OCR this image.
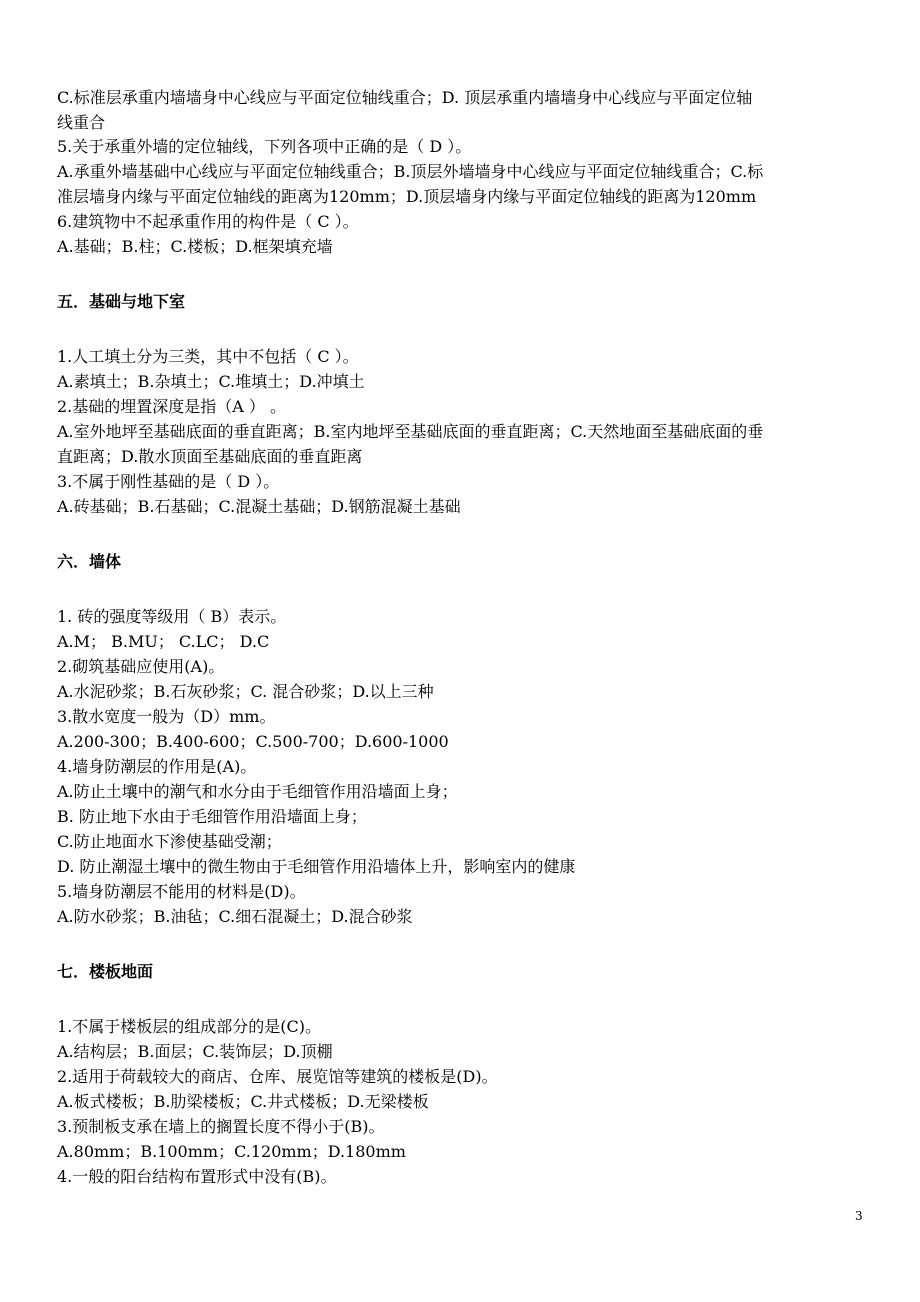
C.标准层承重内墙墙身中心线应与平面定位轴线重合；D. 顶层承重内墙墙身中心线应与平面定位轴
线重合
5.关于承重外墙的定位轴线，下列各项中正确的是（ D ）。
A.承重外墙基础中心线应与平面定位轴线重合；B.顶层外墙墙身中心线应与平面定位轴线重合；C.标
准层墙身内缘与平面定位轴线的距离为120mm；D.顶层墙身内缘与平面定位轴线的距离为120mm
6.建筑物中不起承重作用的构件是（ C ）。
A.基础；B.柱；C.楼板；D.框架填充墙
五．基础与地下室
1.人工填土分为三类，其中不包括（ C ）。
A.素填土；B.杂填土；C.堆填土；D.冲填土
2.基础的埋置深度是指（A ） 。
A.室外地坪至基础底面的垂直距离；B.室内地坪至基础底面的垂直距离；C.天然地面至基础底面的垂
直距离；D.散水顶面至基础底面的垂直距离
3.不属于刚性基础的是（ D ）。
A.砖基础；B.石基础；C.混凝土基础；D.钢筋混凝土基础
六．墙体
1. 砖的强度等级用（ B）表示。
A.M； B.MU； C.LC； D.C
2.砌筑基础应使用(A)。
A.水泥砂浆；B.石灰砂浆；C. 混合砂浆；D.以上三种
3.散水宽度一般为（D）mm。
A.200-300；B.400-600；C.500-700；D.600-1000
4.墙身防潮层的作用是(A)。
A.防止土壤中的潮气和水分由于毛细管作用沿墙面上身；
B. 防止地下水由于毛细管作用沿墙面上身；
C.防止地面水下渗使基础受潮；
D. 防止潮湿土壤中的微生物由于毛细管作用沿墙体上升，影响室内的健康
5.墙身防潮层不能用的材料是(D)。
A.防水砂浆；B.油毡；C.细石混凝土；D.混合砂浆
七．楼板地面
1.不属于楼板层的组成部分的是(C)。
A.结构层；B.面层；C.装饰层；D.顶棚
2.适用于荷载较大的商店、仓库、展览馆等建筑的楼板是(D)。
A.板式楼板；B.肋梁楼板；C.井式楼板；D.无梁楼板
3.预制板支承在墙上的搁置长度不得小于(B)。
A.80mm；B.100mm；C.120mm；D.180mm
4.一般的阳台结构布置形式中没有(B)。
3
